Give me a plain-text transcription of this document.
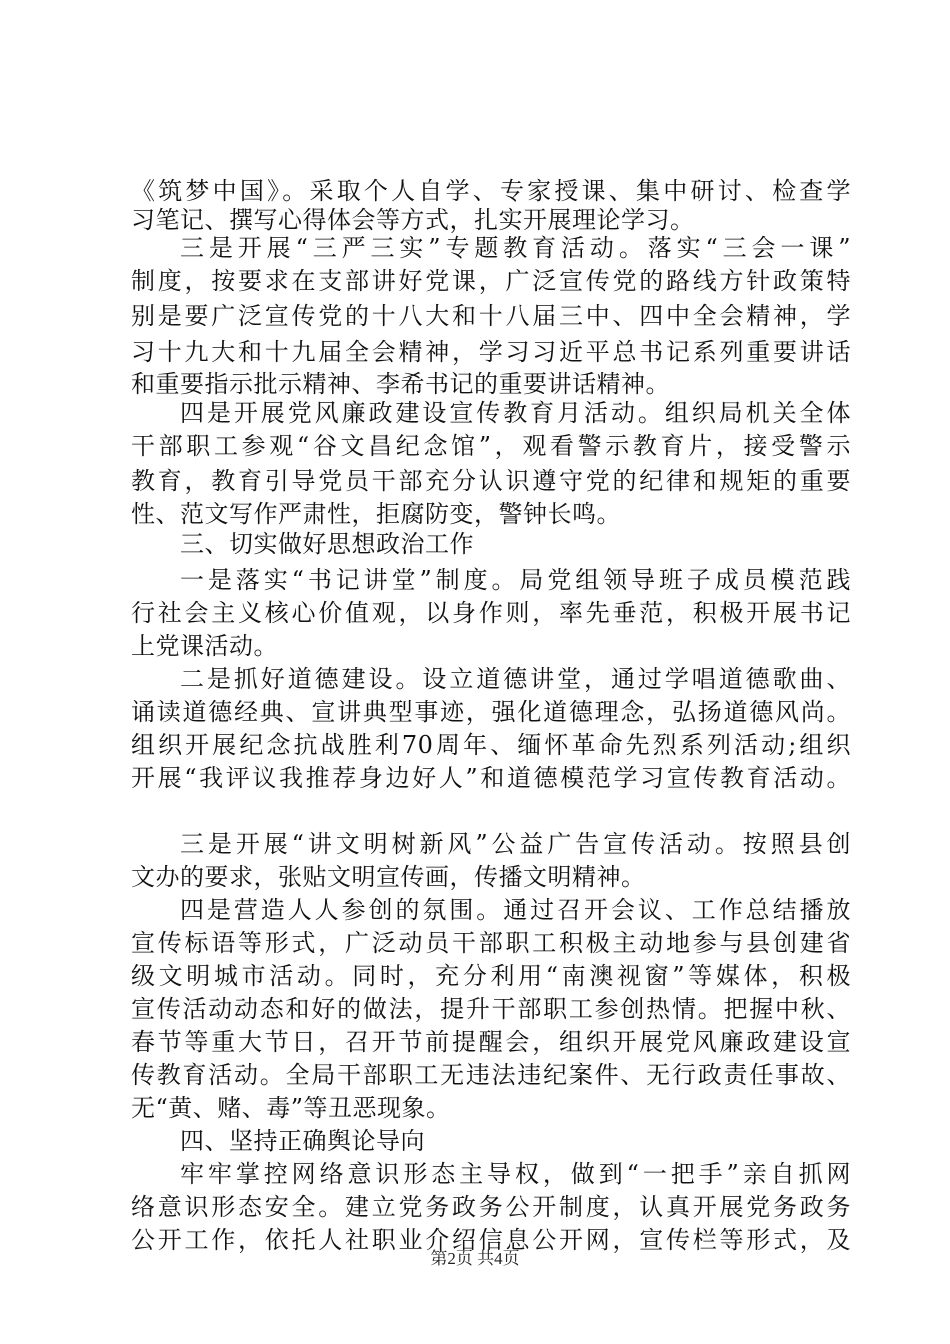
《筑梦中国》。采取个人自学、专家授课、集中研讨、检查学
习笔记、撰写心得体会等方式，扎实开展理论学习。
三是开展“三严三实”专题教育活动。落实“三会一课”
制度，按要求在支部讲好党课，广泛宣传党的路线方针政策特
别是要广泛宣传党的十八大和十八届三中、四中全会精神，学
习十九大和十九届全会精神，学习习近平总书记系列重要讲话
和重要指示批示精神、李希书记的重要讲话精神。
四是开展党风廉政建设宣传教育月活动。组织局机关全体
干部职工参观“谷文昌纪念馆”，观看警示教育片，接受警示
教育，教育引导党员干部充分认识遵守党的纪律和规矩的重要
性、范文写作严肃性，拒腐防变，警钟长鸣。
三、切实做好思想政治工作
一是落实“书记讲堂”制度。局党组领导班子成员模范践
行社会主义核心价值观，以身作则，率先垂范，积极开展书记
上党课活动。
二是抓好道德建设。设立道德讲堂，通过学唱道德歌曲、
诵读道德经典、宣讲典型事迹，强化道德理念，弘扬道德风尚。
组织开展纪念抗战胜利70周年、缅怀革命先烈系列活动;组织
开展“我评议我推荐身边好人”和道德模范学习宣传教育活动。
三是开展“讲文明树新风”公益广告宣传活动。按照县创
文办的要求，张贴文明宣传画，传播文明精神。
四是营造人人参创的氛围。通过召开会议、工作总结播放
宣传标语等形式，广泛动员干部职工积极主动地参与县创建省
级文明城市活动。同时，充分利用“南澳视窗”等媒体，积极
宣传活动动态和好的做法，提升干部职工参创热情。把握中秋、
春节等重大节日，召开节前提醒会，组织开展党风廉政建设宣
传教育活动。全局干部职工无违法违纪案件、无行政责任事故、
无“黄、赌、毒”等丑恶现象。
四、坚持正确舆论导向
牢牢掌控网络意识形态主导权，做到“一把手”亲自抓网
络意识形态安全。建立党务政务公开制度，认真开展党务政务
公开工作，依托人社职业介绍信息公开网，宣传栏等形式，及
第2页 共4页
